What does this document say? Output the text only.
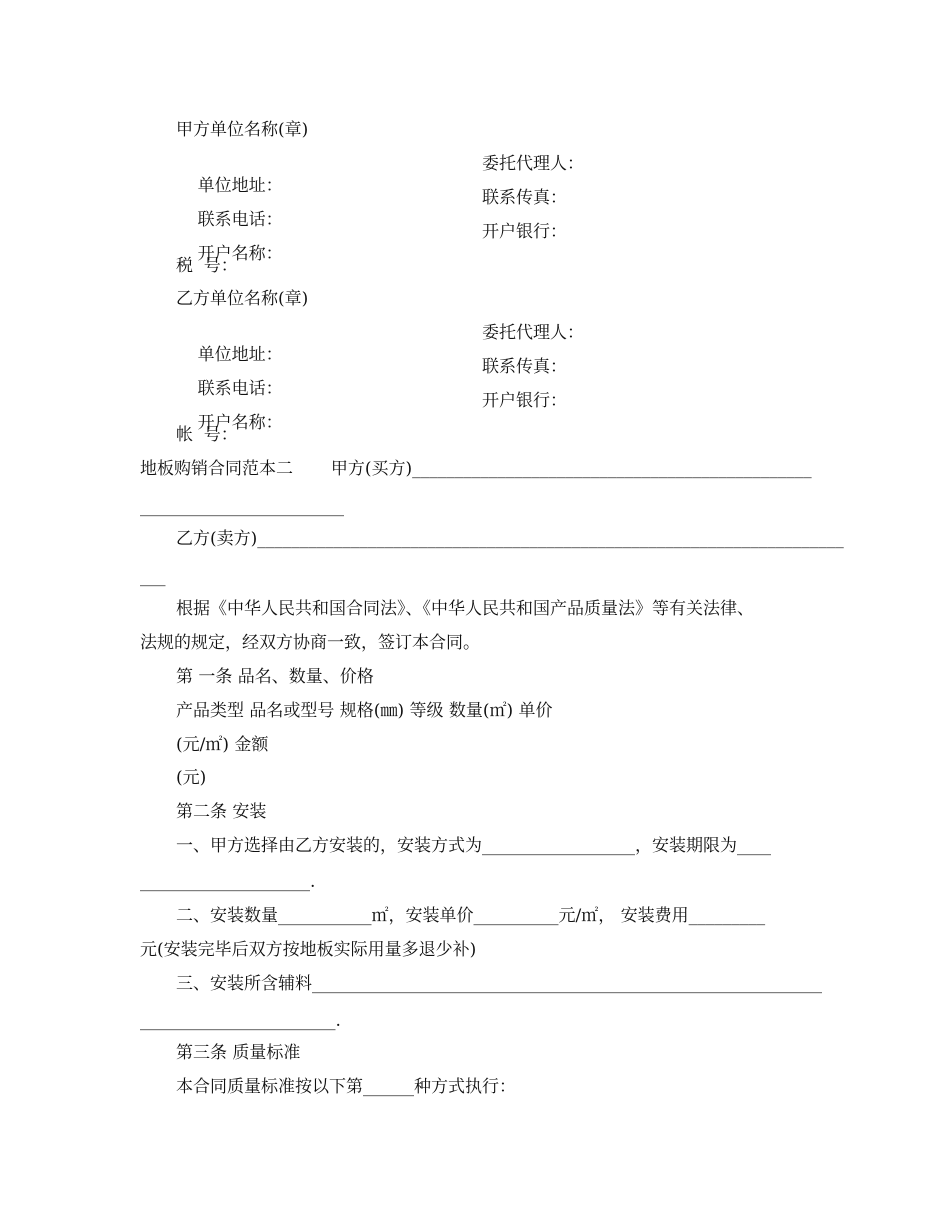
甲方单位名称(章)

单位地址：

委托代理人：

联系电话：

联系传真：

开户名称：

开户银行：

税  号：
乙方单位名称(章)

单位地址：

委托代理人：

联系电话：

联系传真：

开户名称：

开户银行：

帐  号：
地板购销合同范本二       甲方(买方)_______________________________________________
________________________
乙方(卖方)_____________________________________________________________________
___
根据《中华人民共和国合同法》、《中华人民共和国产品质量法》等有关法律、
法规的规定，经双方协商一致，签订本合同。
第 一条 品名、数量、价格
产品类型 品名或型号 规格(㎜) 等级 数量(㎡) 单价
(元/㎡) 金额
(元)
第二条 安装
一、甲方选择由乙方安装的，安装方式为__________________，安装期限为____
____________________.
二、安装数量___________㎡，安装单价__________元/㎡， 安装费用_________
元(安装完毕后双方按地板实际用量多退少补)
三、安装所含辅料____________________________________________________________
_______________________.
第三条 质量标准
本合同质量标准按以下第______种方式执行：
